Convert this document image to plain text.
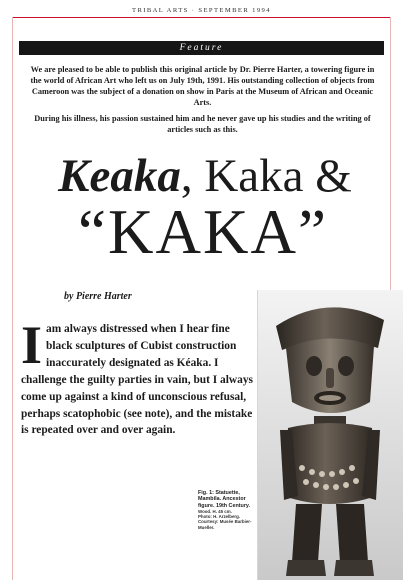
TRIBAL ARTS · SEPTEMBER 1994
Feature

We are pleased to be able to publish this original article by Dr. Pierre Harter, a towering figure in the world of African Art who left us on July 19th, 1991. His outstanding collection of objects from Cameroon was the subject of a donation on show in Paris at the Museum of African and Oceanic Arts.

During his illness, his passion sustained him and he never gave up his studies and the writing of articles such as this.

Keaka, Kaka &
“KAKA”
by Pierre Harter
I am always distressed when I hear fine black sculptures of Cubist construction inaccurately designated as Kéaka. I challenge the guilty parties in vain, but I always come up against a kind of unconscious refusal, perhaps scatophobic (see note), and the mistake is repeated over and over again.
Fig. 1: Statuette, Mambila. Ancestor figure. 19th Century.
Wood. H. 45 cm.
Photo: H. Arzelberg.
Courtesy: Musée Barbier-Mueller.
